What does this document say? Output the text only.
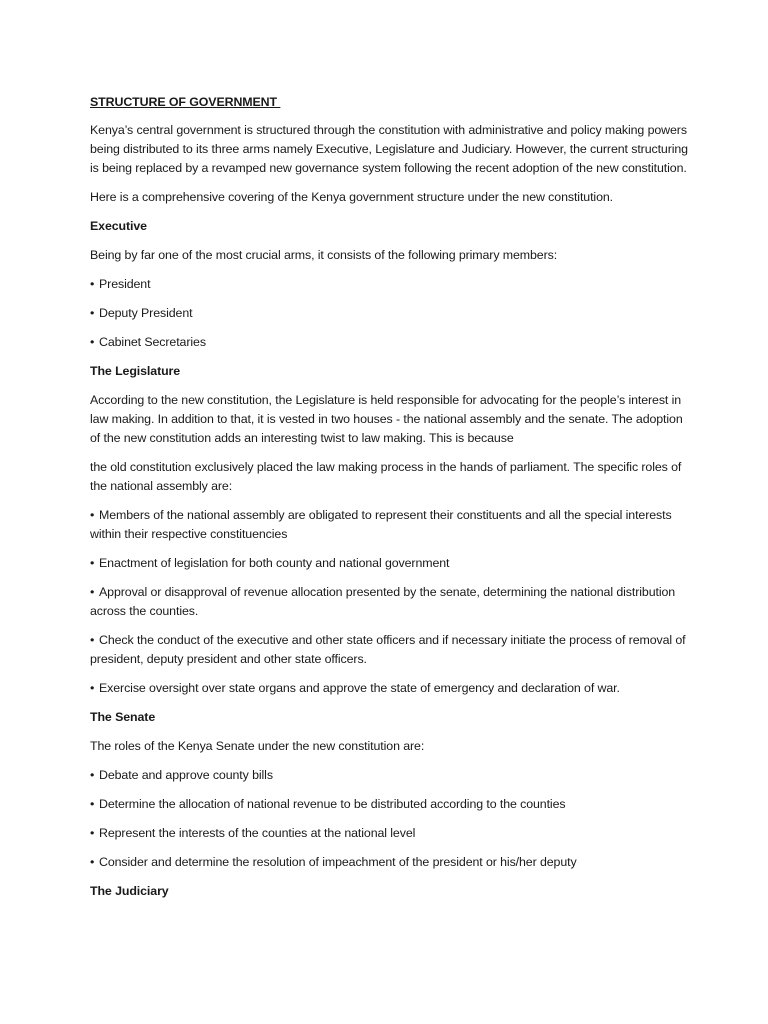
STRUCTURE OF GOVERNMENT

Kenya’s central government is structured through the constitution with administrative and policy making powers being distributed to its three arms namely Executive, Legislature and Judiciary. However, the current structuring is being replaced by a revamped new governance system following the recent adoption of the new constitution.

Here is a comprehensive covering of the Kenya government structure under the new constitution.

Executive

Being by far one of the most crucial arms, it consists of the following primary members:

• President
• Deputy President
• Cabinet Secretaries
The Legislature

According to the new constitution, the Legislature is held responsible for advocating for the people’s interest in law making. In addition to that, it is vested in two houses - the national assembly and the senate. The adoption of the new constitution adds an interesting twist to law making. This is because

the old constitution exclusively placed the law making process in the hands of parliament. The specific roles of the national assembly are:

• Members of the national assembly are obligated to represent their constituents and all the special interests within their respective constituencies
• Enactment of legislation for both county and national government
• Approval or disapproval of revenue allocation presented by the senate, determining the national distribution across the counties.
• Check the conduct of the executive and other state officers and if necessary initiate the process of removal of president, deputy president and other state officers.
• Exercise oversight over state organs and approve the state of emergency and declaration of war.
The Senate

The roles of the Kenya Senate under the new constitution are:

• Debate and approve county bills
• Determine the allocation of national revenue to be distributed according to the counties
• Represent the interests of the counties at the national level
• Consider and determine the resolution of impeachment of the president or his/her deputy
The Judiciary
